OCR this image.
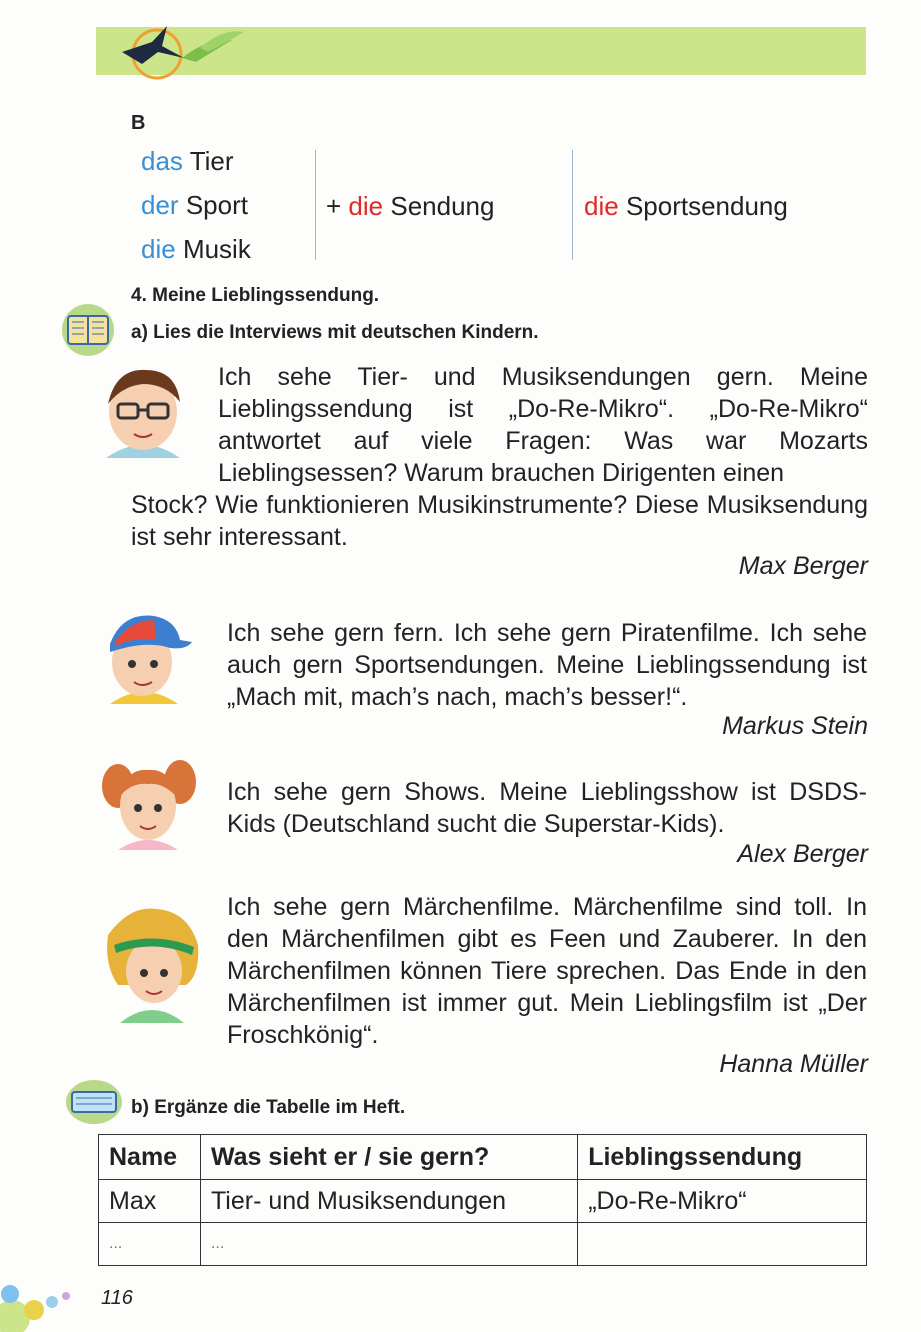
B
das Tier
der Sport
die Musik
+ die Sendung	die Sportsendung
4. Meine Lieblingssendung.
a) Lies die Interviews mit deutschen Kindern.

Ich sehe Tier- und Musiksendungen gern. Meine Lieblingssendung ist „Do-Re-Mikro“. „Do-Re-Mikro“ antwortet auf viele Fragen: Was war Mozarts Lieblingsessen? Warum brauchen Dirigenten einen

Stock? Wie funktionieren Musikinstrumente? Diese Musiksendung ist sehr interessant.

Max Berger

Ich sehe gern fern. Ich sehe gern Piratenfilme. Ich sehe auch gern Sportsendungen. Meine Lieblingssendung ist „Mach mit, mach’s nach, mach’s besser!“.

Markus Stein

Ich sehe gern Shows. Meine Lieblingsshow ist DSDS-Kids (Deutschland sucht die Superstar-Kids).

Alex Berger

Ich sehe gern Märchenfilme. Märchenfilme sind toll. In den Märchenfilmen gibt es Feen und Zauberer. In den Märchenfilmen können Tiere sprechen. Das Ende in den Märchenfilmen ist immer gut. Mein Lieblingsfilm ist „Der Froschkönig“.

Hanna Müller
b) Ergänze die Tabelle im Heft.
Name	Was sieht er / sie gern?	Lieblingssendung
Max	Tier- und Musiksendungen	„Do-Re-Mikro“
...	...	
116
